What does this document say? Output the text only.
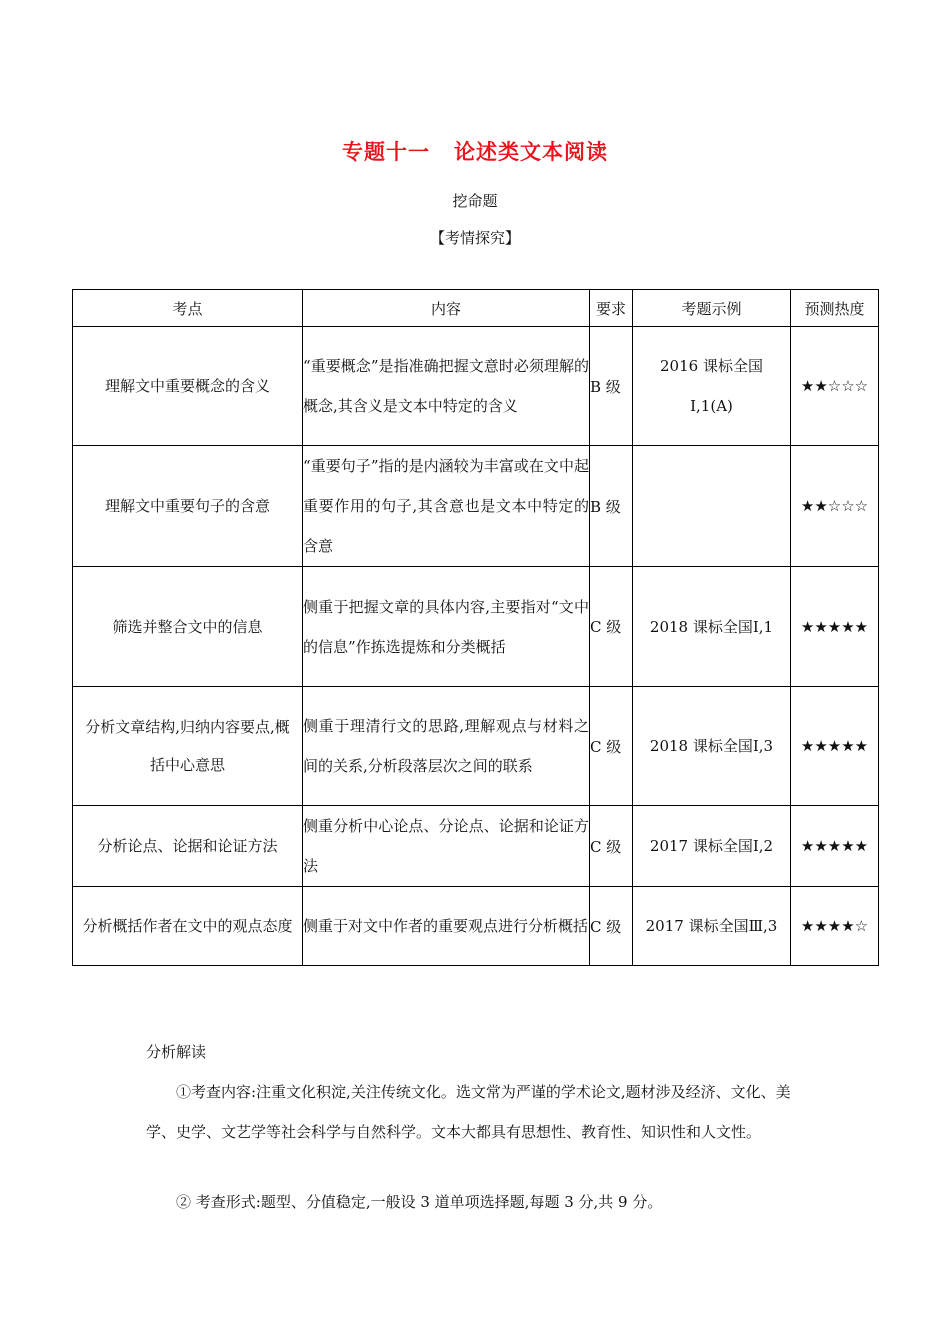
专题十一 论述类文本阅读
挖命题
【考情探究】
考点	内容	要求	考题示例	预测热度
理解文中重要概念的含义	“重要概念”是指准确把握文意时必须理解的概念,其含义是文本中特定的含义	B 级	2016 课标全国Ⅰ,1(A)	★★☆☆☆
理解文中重要句子的含意	“重要句子”指的是内涵较为丰富或在文中起重要作用的句子,其含意也是文本中特定的含意	B 级		★★☆☆☆
筛选并整合文中的信息	侧重于把握文章的具体内容,主要指对“文中的信息”作拣选提炼和分类概括	C 级	2018 课标全国Ⅰ,1	★★★★★
分析文章结构,归纳内容要点,概括中心意思	侧重于理清行文的思路,理解观点与材料之间的关系,分析段落层次之间的联系	C 级	2018 课标全国Ⅰ,3	★★★★★
分析论点、论据和论证方法	侧重分析中心论点、分论点、论据和论证方法	C 级	2017 课标全国Ⅰ,2	★★★★★
分析概括作者在文中的观点态度	侧重于对文中作者的重要观点进行分析概括	C 级	2017 课标全国Ⅲ,3	★★★★☆
分析解读
①考查内容:注重文化积淀,关注传统文化。选文常为严谨的学术论文,题材涉及经济、文化、美学、史学、文艺学等社会科学与自然科学。文本大都具有思想性、教育性、知识性和人文性。
② 考查形式:题型、分值稳定,一般设 3 道单项选择题,每题 3 分,共 9 分。
